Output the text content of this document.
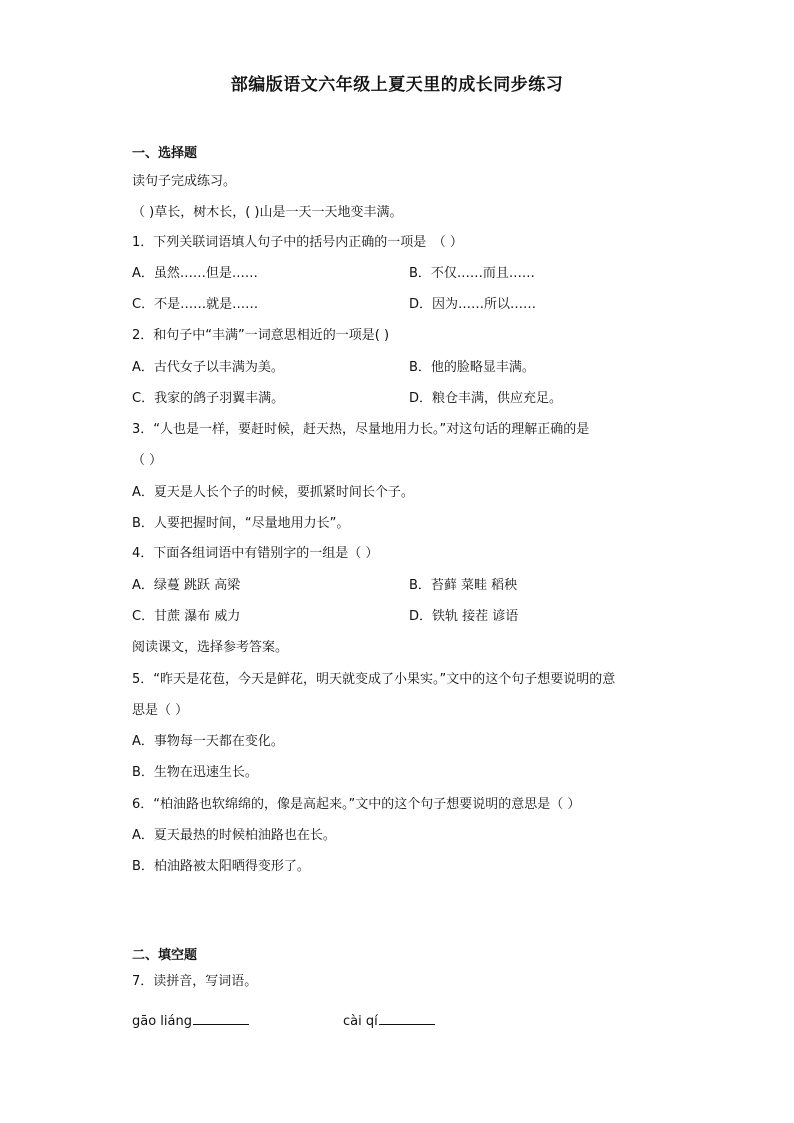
部编版语文六年级上夏天里的成长同步练习
一、选择题
读句子完成练习。
（ )草长，树木长，( )山是一天一天地变丰满。
1．下列关联词语填人句子中的括号内正确的一项是　（ ）
A．虽然……但是……	B．不仅……而且……
C．不是……就是……	D．因为……所以……
2．和句子中“丰满”一词意思相近的一项是( )
A．古代女子以丰满为美。	B．他的脸略显丰满。
C．我家的鸽子羽翼丰满。	D．粮仓丰满，供应充足。
3．“人也是一样，要赶时候，赶天热，尽量地用力长。”对这句话的理解正确的是
（ ）
A．夏天是人长个子的时候，要抓紧时间长个子。
B．人要把握时间，“尽量地用力长”。
4．下面各组词语中有错别字的一组是（ ）
A．绿蔓 跳跃 高梁	B．苔藓 菜畦 稻秧
C．甘蔗 瀑布 威力	D．铁轨 接茬 谚语
阅读课文，选择参考答案。
5．“昨天是花苞，今天是鲜花，明天就变成了小果实。”文中的这个句子想要说明的意
思是（ ）
A．事物每一天都在变化。
B．生物在迅速生长。
6．“柏油路也软绵绵的，像是高起来。”文中的这个句子想要说明的意思是（ ）
A．夏天最热的时候柏油路也在长。
B．柏油路被太阳晒得变形了。
二、填空题
7．读拼音，写词语。
gāo liáng	cài qí
